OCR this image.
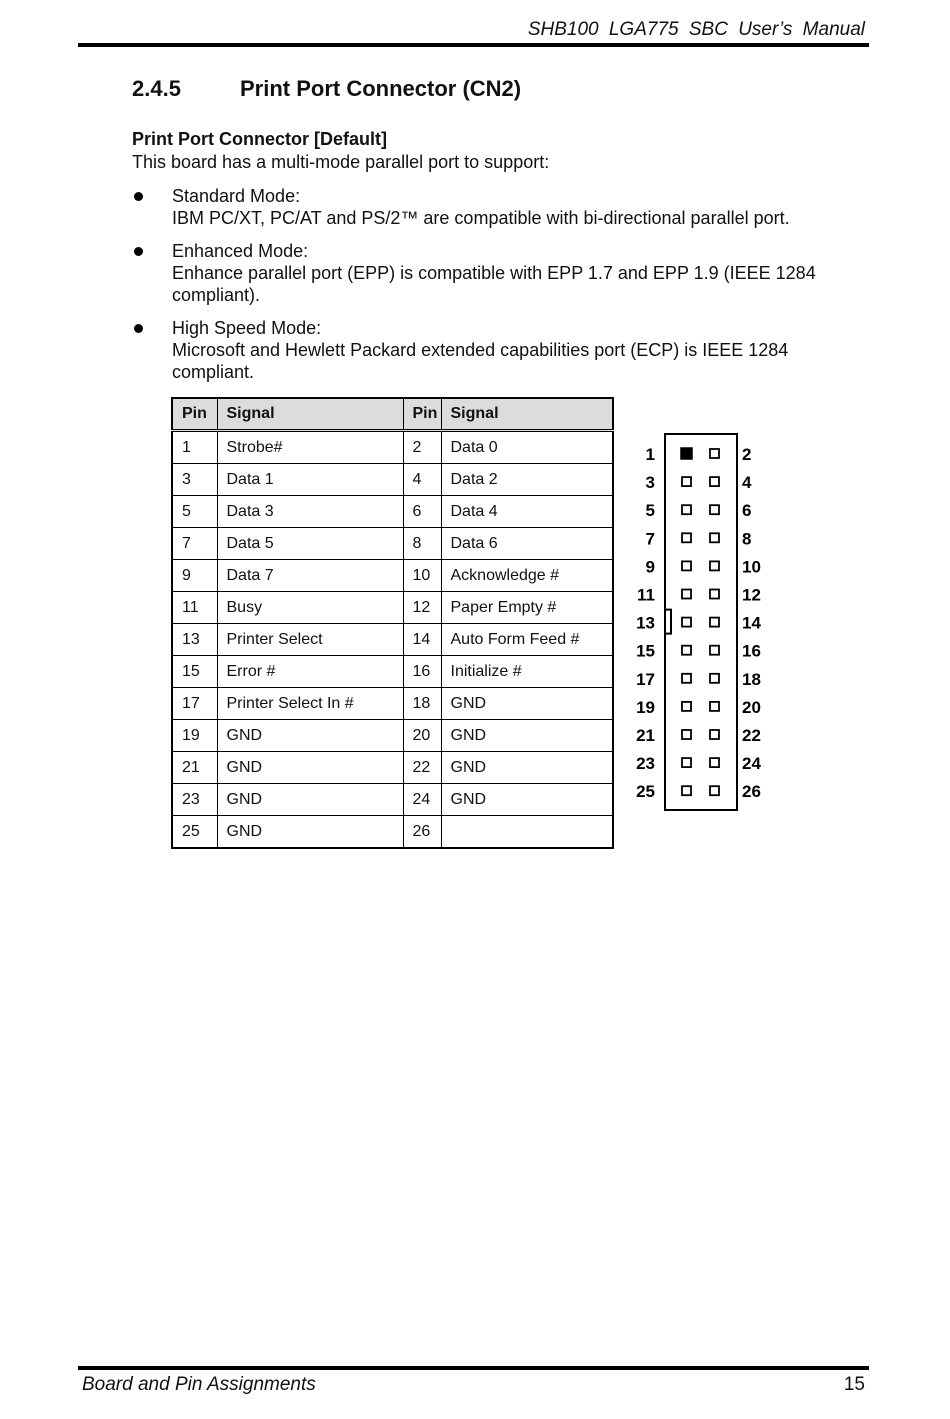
SHB100 LGA775 SBC User’s Manual
2.4.5	Print Port Connector (CN2)
Print Port Connector [Default]
This board has a multi-mode parallel port to support:
Standard Mode:
IBM PC/XT, PC/AT and PS/2™ are compatible with bi-directional parallel port.
Enhanced Mode:
Enhance parallel port (EPP) is compatible with EPP 1.7 and EPP 1.9 (IEEE 1284 compliant).
High Speed Mode:
Microsoft and Hewlett Packard extended capabilities port (ECP) is IEEE 1284 compliant.
Pin	Signal	Pin	Signal
1	Strobe#	2	Data 0
3	Data 1	4	Data 2
5	Data 3	6	Data 4
7	Data 5	8	Data 6
9	Data 7	10	Acknowledge #
11	Busy	12	Paper Empty #
13	Printer Select	14	Auto Form Feed #
15	Error #	16	Initialize #
17	Printer Select In #	18	GND
19	GND	20	GND
21	GND	22	GND
23	GND	24	GND
25	GND	26	
1	2
3	4
5	6
7	8
9	10
11	12
13	14
15	16
17	18
19	20
21	22
23	24
25	26
Board and Pin Assignments	15
